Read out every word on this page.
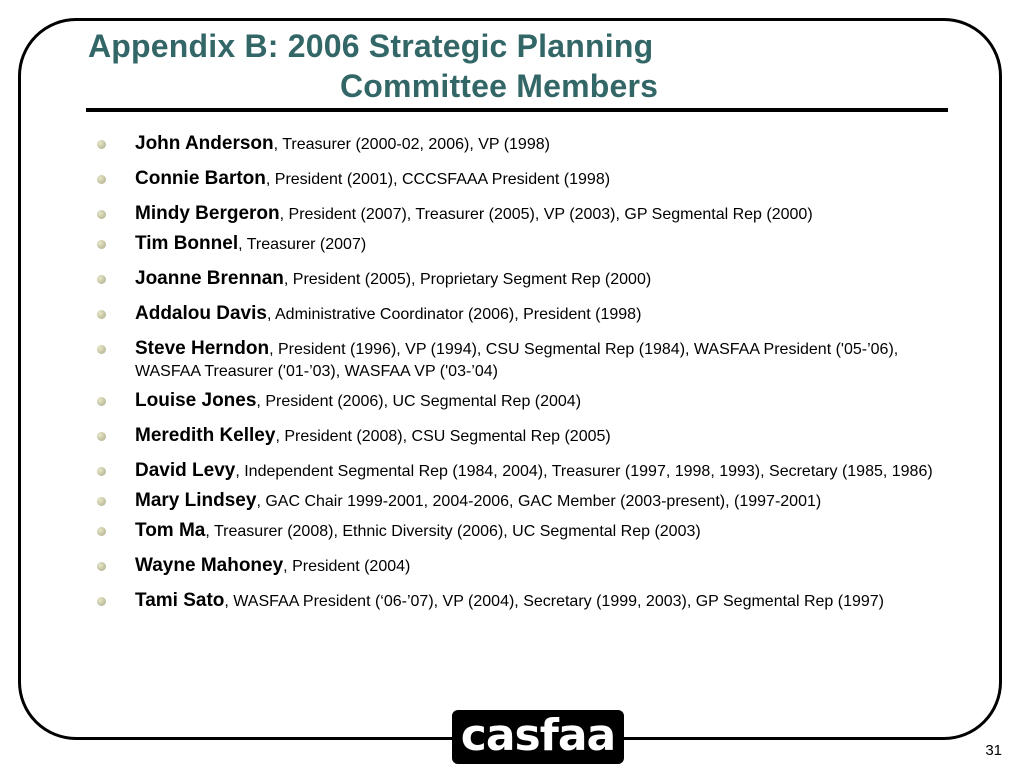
Appendix B: 2006 Strategic Planning
Committee Members
John Anderson, Treasurer (2000-02, 2006), VP (1998)
Connie Barton, President (2001), CCCSFAAA President (1998)
Mindy Bergeron, President (2007), Treasurer (2005), VP (2003), GP Segmental Rep (2000)
Tim Bonnel, Treasurer (2007)
Joanne Brennan, President (2005), Proprietary Segment Rep (2000)
Addalou Davis, Administrative Coordinator (2006), President (1998)
Steve Herndon, President (1996), VP (1994), CSU Segmental Rep (1984), WASFAA President ('05-’06), WASFAA Treasurer ('01-’03), WASFAA VP ('03-’04)
Louise Jones, President (2006), UC Segmental Rep (2004)
Meredith Kelley, President (2008), CSU Segmental Rep (2005)
David Levy, Independent Segmental Rep (1984, 2004), Treasurer (1997, 1998, 1993), Secretary (1985, 1986)
Mary Lindsey, GAC Chair 1999-2001, 2004-2006, GAC Member (2003-present), (1997-2001)
Tom Ma, Treasurer (2008), Ethnic Diversity (2006), UC Segmental Rep (2003)
Wayne Mahoney, President (2004)
Tami Sato, WASFAA President (‘06-’07), VP (2004), Secretary (1999, 2003), GP Segmental Rep (1997)
casfaa	31
